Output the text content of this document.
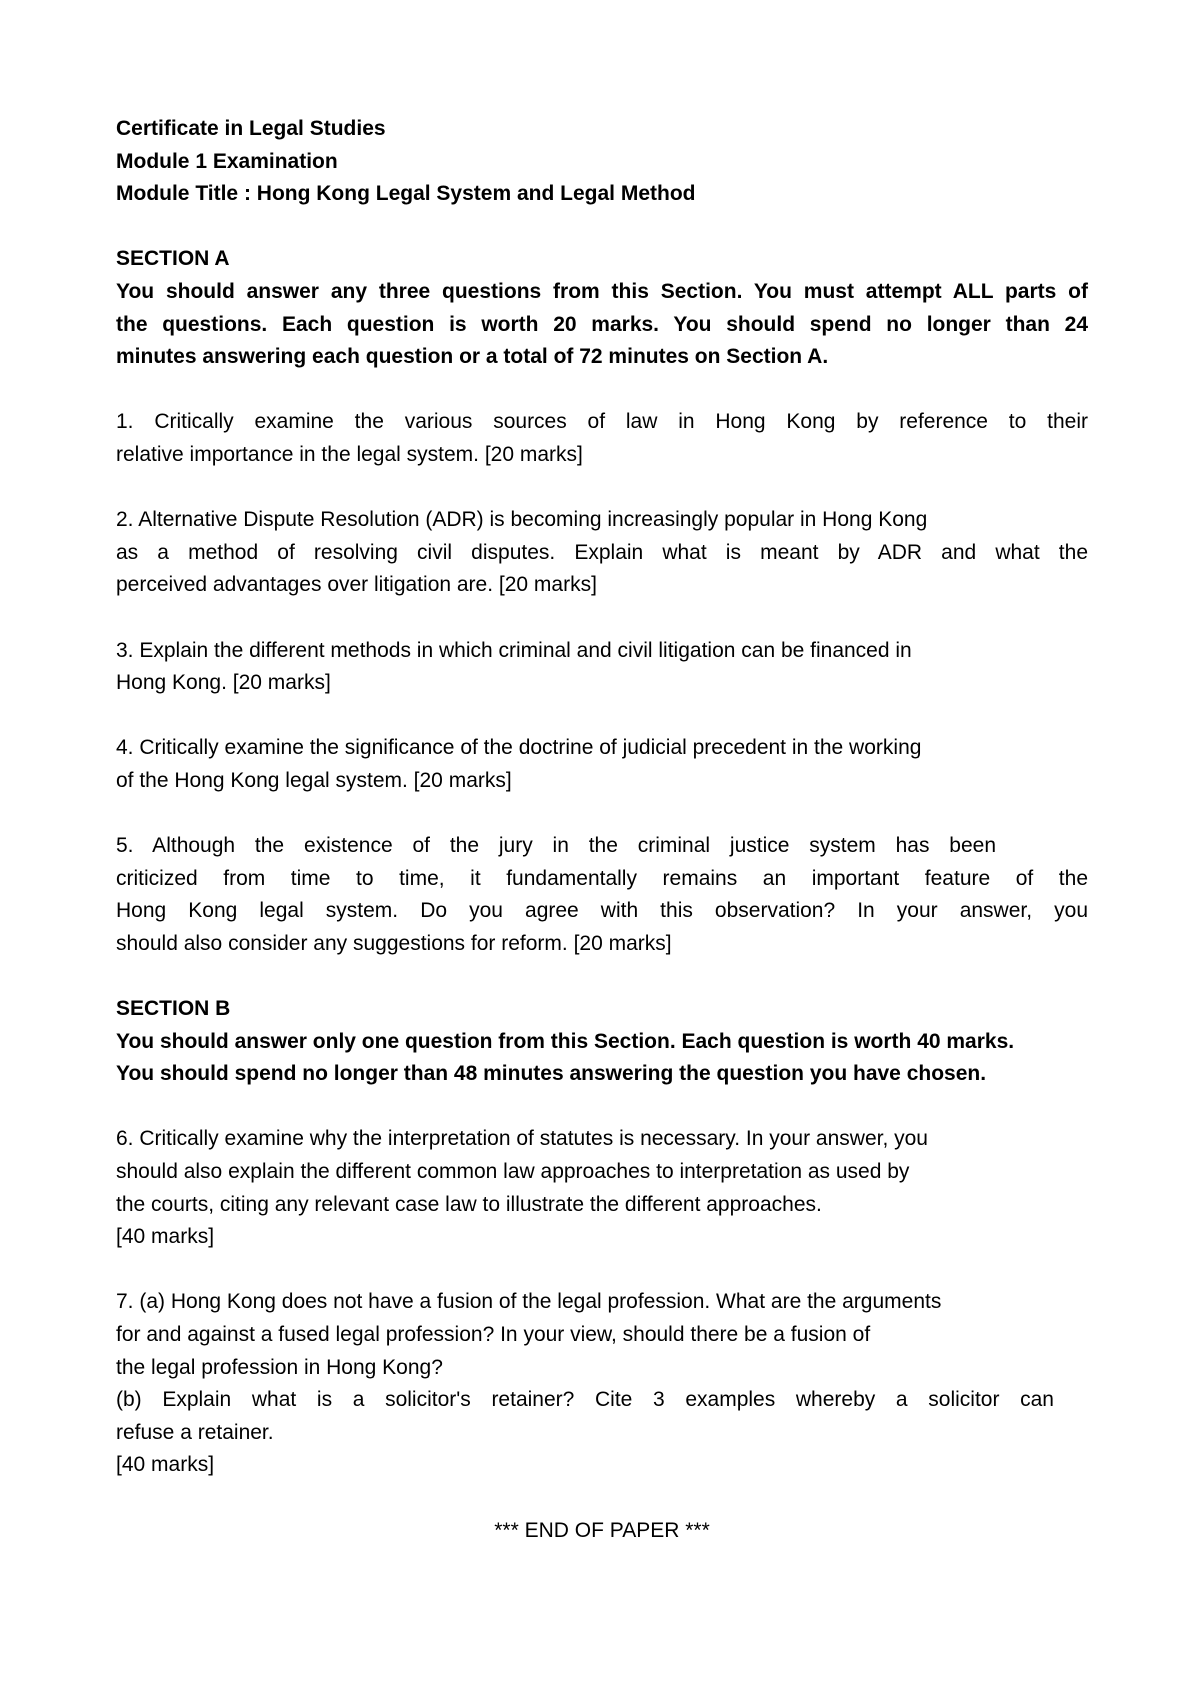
Certificate in Legal Studies
Module 1 Examination
Module Title : Hong Kong Legal System and Legal Method
SECTION A
You should answer any three questions from this Section. You must attempt ALL parts of
the questions. Each question is worth 20 marks. You should spend no longer than 24
minutes answering each question or a total of 72 minutes on Section A.
1. Critically examine the various sources of law in Hong Kong by reference to their
relative importance in the legal system. [20 marks]
2. Alternative Dispute Resolution (ADR) is becoming increasingly popular in Hong Kong
as a method of resolving civil disputes. Explain what is meant by ADR and what the
perceived advantages over litigation are. [20 marks]
3. Explain the different methods in which criminal and civil litigation can be financed in
Hong Kong. [20 marks]
4. Critically examine the significance of the doctrine of judicial precedent in the working
of the Hong Kong legal system. [20 marks]
5. Although the existence of the jury in the criminal justice system has been
criticized from time to time, it fundamentally remains an important feature of the
Hong Kong legal system. Do you agree with this observation? In your answer, you
should also consider any suggestions for reform. [20 marks]
SECTION B
You should answer only one question from this Section. Each question is worth 40 marks.
You should spend no longer than 48 minutes answering the question you have chosen.
6. Critically examine why the interpretation of statutes is necessary. In your answer, you
should also explain the different common law approaches to interpretation as used by
the courts, citing any relevant case law to illustrate the different approaches.
[40 marks]
7. (a) Hong Kong does not have a fusion of the legal profession. What are the arguments
for and against a fused legal profession? In your view, should there be a fusion of
the legal profession in Hong Kong?
(b) Explain what is a solicitor's retainer? Cite 3 examples whereby a solicitor can
refuse a retainer.
[40 marks]
*** END OF PAPER ***
